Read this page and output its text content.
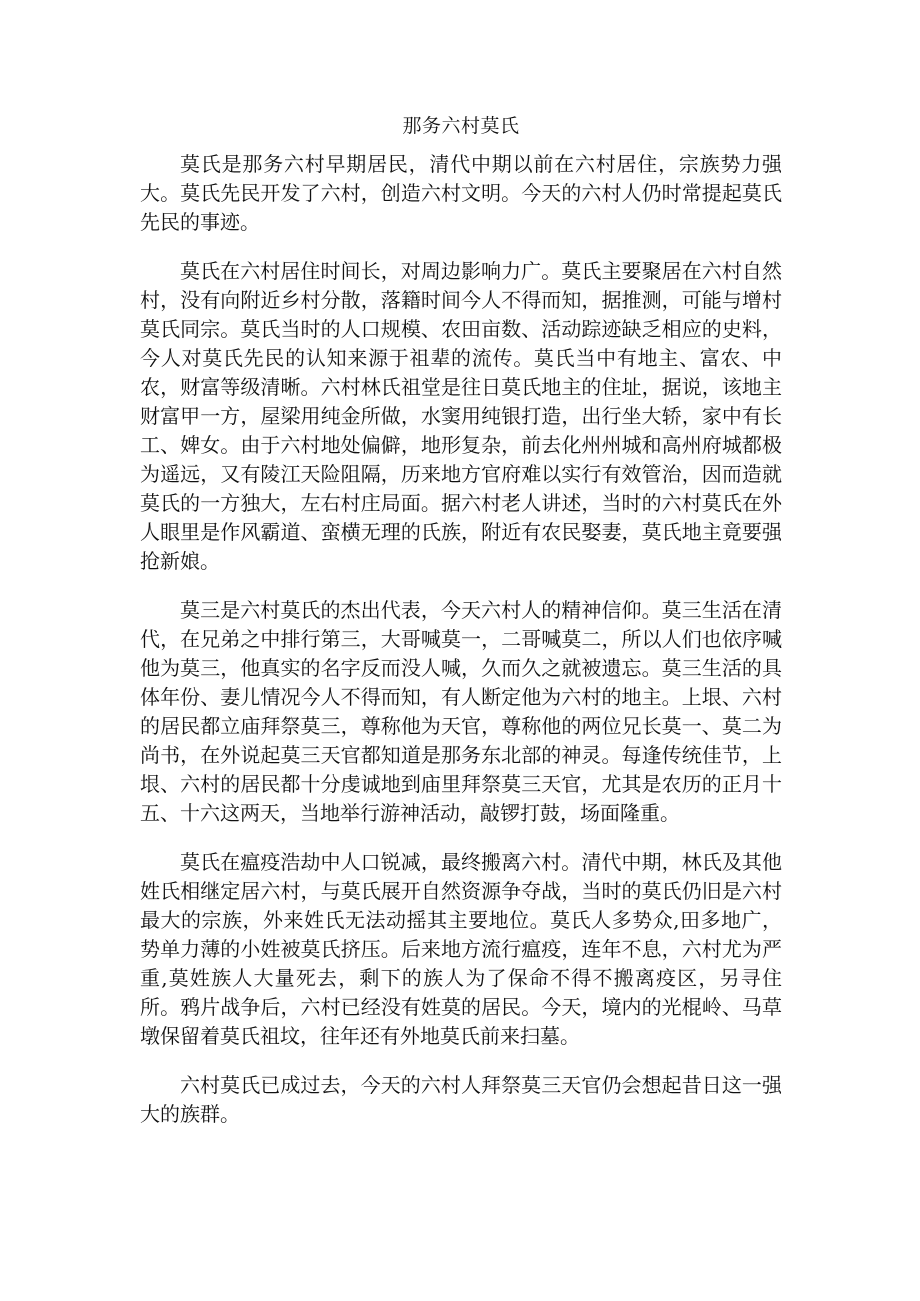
那务六村莫氏

莫氏是那务六村早期居民，清代中期以前在六村居住，宗族势力强大。莫氏先民开发了六村，创造六村文明。今天的六村人仍时常提起莫氏先民的事迹。

莫氏在六村居住时间长，对周边影响力广。莫氏主要聚居在六村自然村，没有向附近乡村分散，落籍时间今人不得而知，据推测，可能与增村莫氏同宗。莫氏当时的人口规模、农田亩数、活动踪迹缺乏相应的史料，今人对莫氏先民的认知来源于祖辈的流传。莫氏当中有地主、富农、中农，财富等级清晰。六村林氏祖堂是往日莫氏地主的住址，据说，该地主财富甲一方，屋梁用纯金所做，水窦用纯银打造，出行坐大轿，家中有长工、婢女。由于六村地处偏僻，地形复杂，前去化州州城和高州府城都极为遥远，又有陵江天险阻隔，历来地方官府难以实行有效管治，因而造就莫氏的一方独大，左右村庄局面。据六村老人讲述，当时的六村莫氏在外人眼里是作风霸道、蛮横无理的氏族，附近有农民娶妻，莫氏地主竟要强抢新娘。

莫三是六村莫氏的杰出代表，今天六村人的精神信仰。莫三生活在清代，在兄弟之中排行第三，大哥喊莫一，二哥喊莫二，所以人们也依序喊他为莫三，他真实的名字反而没人喊，久而久之就被遗忘。莫三生活的具体年份、妻儿情况今人不得而知，有人断定他为六村的地主。上垠、六村的居民都立庙拜祭莫三，尊称他为天官，尊称他的两位兄长莫一、莫二为尚书，在外说起莫三天官都知道是那务东北部的神灵。每逢传统佳节，上垠、六村的居民都十分虔诚地到庙里拜祭莫三天官，尤其是农历的正月十五、十六这两天，当地举行游神活动，敲锣打鼓，场面隆重。

莫氏在瘟疫浩劫中人口锐减，最终搬离六村。清代中期，林氏及其他姓氏相继定居六村，与莫氏展开自然资源争夺战，当时的莫氏仍旧是六村最大的宗族，外来姓氏无法动摇其主要地位。莫氏人多势众,田多地广，势单力薄的小姓被莫氏挤压。后来地方流行瘟疫，连年不息，六村尤为严重,莫姓族人大量死去，剩下的族人为了保命不得不搬离疫区，另寻住所。鸦片战争后，六村已经没有姓莫的居民。今天，境内的光棍岭、马草墩保留着莫氏祖坟，往年还有外地莫氏前来扫墓。

六村莫氏已成过去，今天的六村人拜祭莫三天官仍会想起昔日这一强大的族群。
